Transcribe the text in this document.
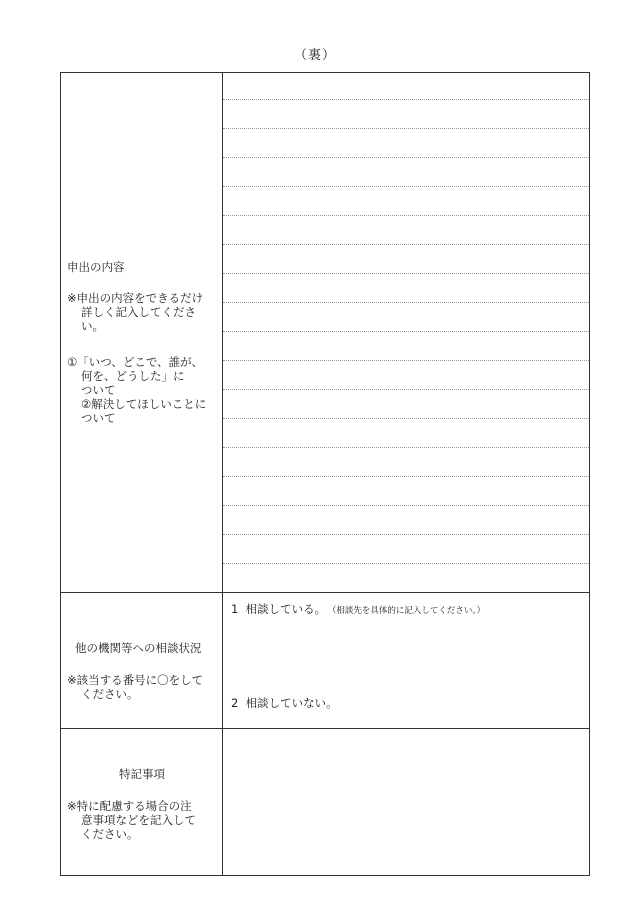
（裏）
申出の内容
※申出の内容をできるだけ
詳しく記入してくださ
い。
①「いつ、どこで、誰が、
何を、どうした」に
ついて
②解決してほしいことに
ついて
他の機関等への相談状況
※該当する番号に〇をして
ください。
1 相談している。 （相談先を具体的に記入してください。）
2 相談していない。
特記事項
※特に配慮する場合の注
意事項などを記入して
ください。
